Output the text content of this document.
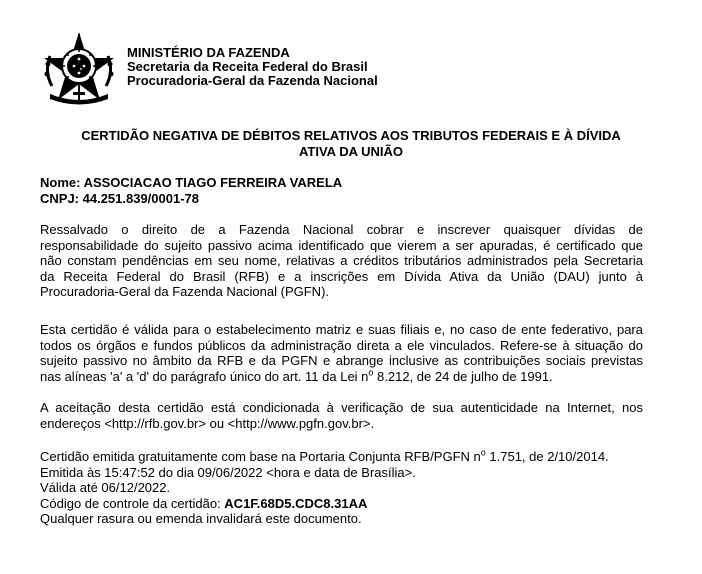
MINISTÉRIO DA FAZENDA
Secretaria da Receita Federal do Brasil
Procuradoria-Geral da Fazenda Nacional
CERTIDÃO NEGATIVA DE DÉBITOS RELATIVOS AOS TRIBUTOS FEDERAIS E À DÍVIDA
ATIVA DA UNIÃO
Nome: ASSOCIACAO TIAGO FERREIRA VARELA
CNPJ: 44.251.839/0001-78
Ressalvado o direito de a Fazenda Nacional cobrar e inscrever quaisquer dívidas de
responsabilidade do sujeito passivo acima identificado que vierem a ser apuradas, é certificado que
não constam pendências em seu nome, relativas a créditos tributários administrados pela Secretaria
da Receita Federal do Brasil (RFB) e a inscrições em Dívida Ativa da União (DAU) junto à
Procuradoria-Geral da Fazenda Nacional (PGFN).
Esta certidão é válida para o estabelecimento matriz e suas filiais e, no caso de ente federativo, para
todos os órgãos e fundos públicos da administração direta a ele vinculados. Refere-se à situação do
sujeito passivo no âmbito da RFB e da PGFN e abrange inclusive as contribuições sociais previstas
nas alíneas 'a' a 'd' do parágrafo único do art. 11 da Lei $n^o$ 8.212, de 24 de julho de 1991.
A aceitação desta certidão está condicionada à verificação de sua autenticidade na Internet, nos
endereços <http://rfb.gov.br> ou <http://www.pgfn.gov.br>.
Certidão emitida gratuitamente com base na Portaria Conjunta RFB/PGFN $n^o$ 1.751, de 2/10/2014.
Emitida às 15:47:52 do dia 09/06/2022 <hora e data de Brasília>.
Válida até 06/12/2022.
Código de controle da certidão: AC1F.68D5.CDC8.31AA
Qualquer rasura ou emenda invalidará este documento.
